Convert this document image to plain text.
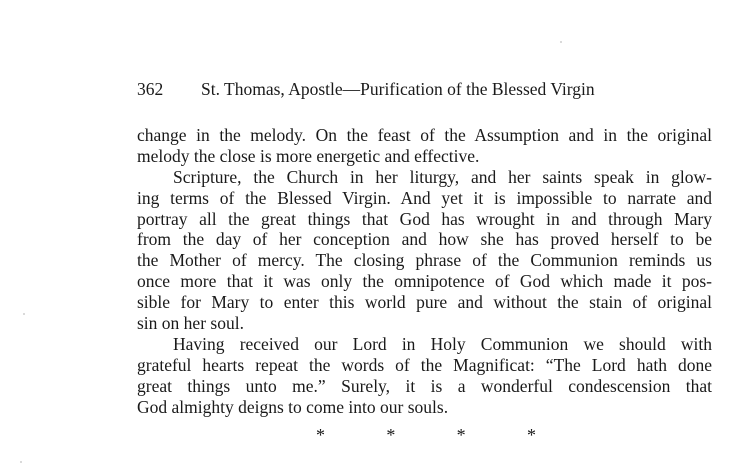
362 St. Thomas, Apostle—Purification of the Blessed Virgin
change in the melody. On the feast of the Assumption and in the original
melody the close is more energetic and effective.
Scripture, the Church in her liturgy, and her saints speak in glow-
ing terms of the Blessed Virgin. And yet it is impossible to narrate and
portray all the great things that God has wrought in and through Mary
from the day of her conception and how she has proved herself to be
the Mother of mercy. The closing phrase of the Communion reminds us
once more that it was only the omnipotence of God which made it pos-
sible for Mary to enter this world pure and without the stain of original
sin on her soul.
Having received our Lord in Holy Communion we should with
grateful hearts repeat the words of the Magnificat: “The Lord hath done
great things unto me.” Surely, it is a wonderful condescension that
God almighty deigns to come into our souls.
*	*	*	*
